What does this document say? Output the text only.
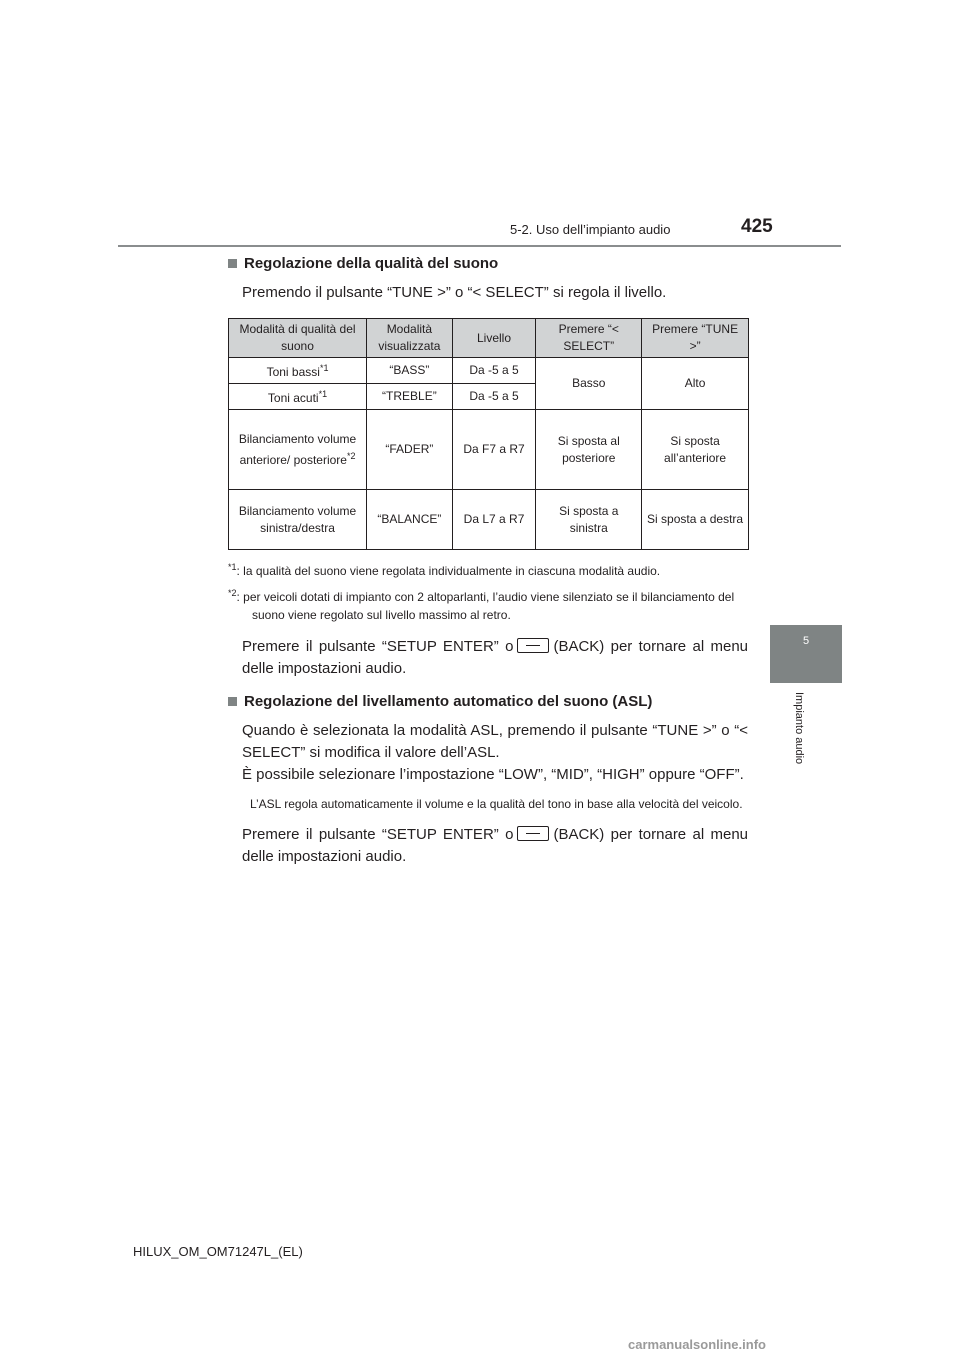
5-2. Uso dell’impianto audio	425
5
Impianto audio

Regolazione della qualità del suono

Premendo il pulsante “TUNE >” o “< SELECT” si regola il livello.

Modalità di qualità del suono	Modalità visualizzata	Livello	Premere “< SELECT”	Premere “TUNE >”
Toni bassi$^{*1}$	“BASS”	Da -5 a 5	Basso	Alto
Toni acuti$^{*1}$	“TREBLE”	Da -5 a 5		
Bilanciamento volume anteriore/ posteriore$^{*2}$	“FADER”	Da F7 a R7	Si sposta al posteriore	Si sposta all’anteriore
Bilanciamento volume sinistra/destra	“BALANCE”	Da L7 a R7	Si sposta a sinistra	Si sposta a destra

$^{*1}$: la qualità del suono viene regolata individualmente in ciascuna modalità audio.

$^{*2}$: per veicoli dotati di impianto con 2 altoparlanti, l’audio viene silenziato se il bilanciamento del suono viene regolato sul livello massimo al retro.

Premere il pulsante “SETUP ENTER” o	(BACK) per tornare al menu delle impostazioni audio.

Regolazione del livellamento automatico del suono (ASL)

Quando è selezionata la modalità ASL, premendo il pulsante “TUNE >” o “< SELECT” si modifica il valore dell’ASL.

È possibile selezionare l’impostazione “LOW”, “MID”, “HIGH” oppure “OFF”.

L’ASL regola automaticamente il volume e la qualità del tono in base alla velocità del veicolo.

Premere il pulsante “SETUP ENTER” o	(BACK) per tornare al menu delle impostazioni audio.

HILUX_OM_OM71247L_(EL)
carmanualsonline.info
